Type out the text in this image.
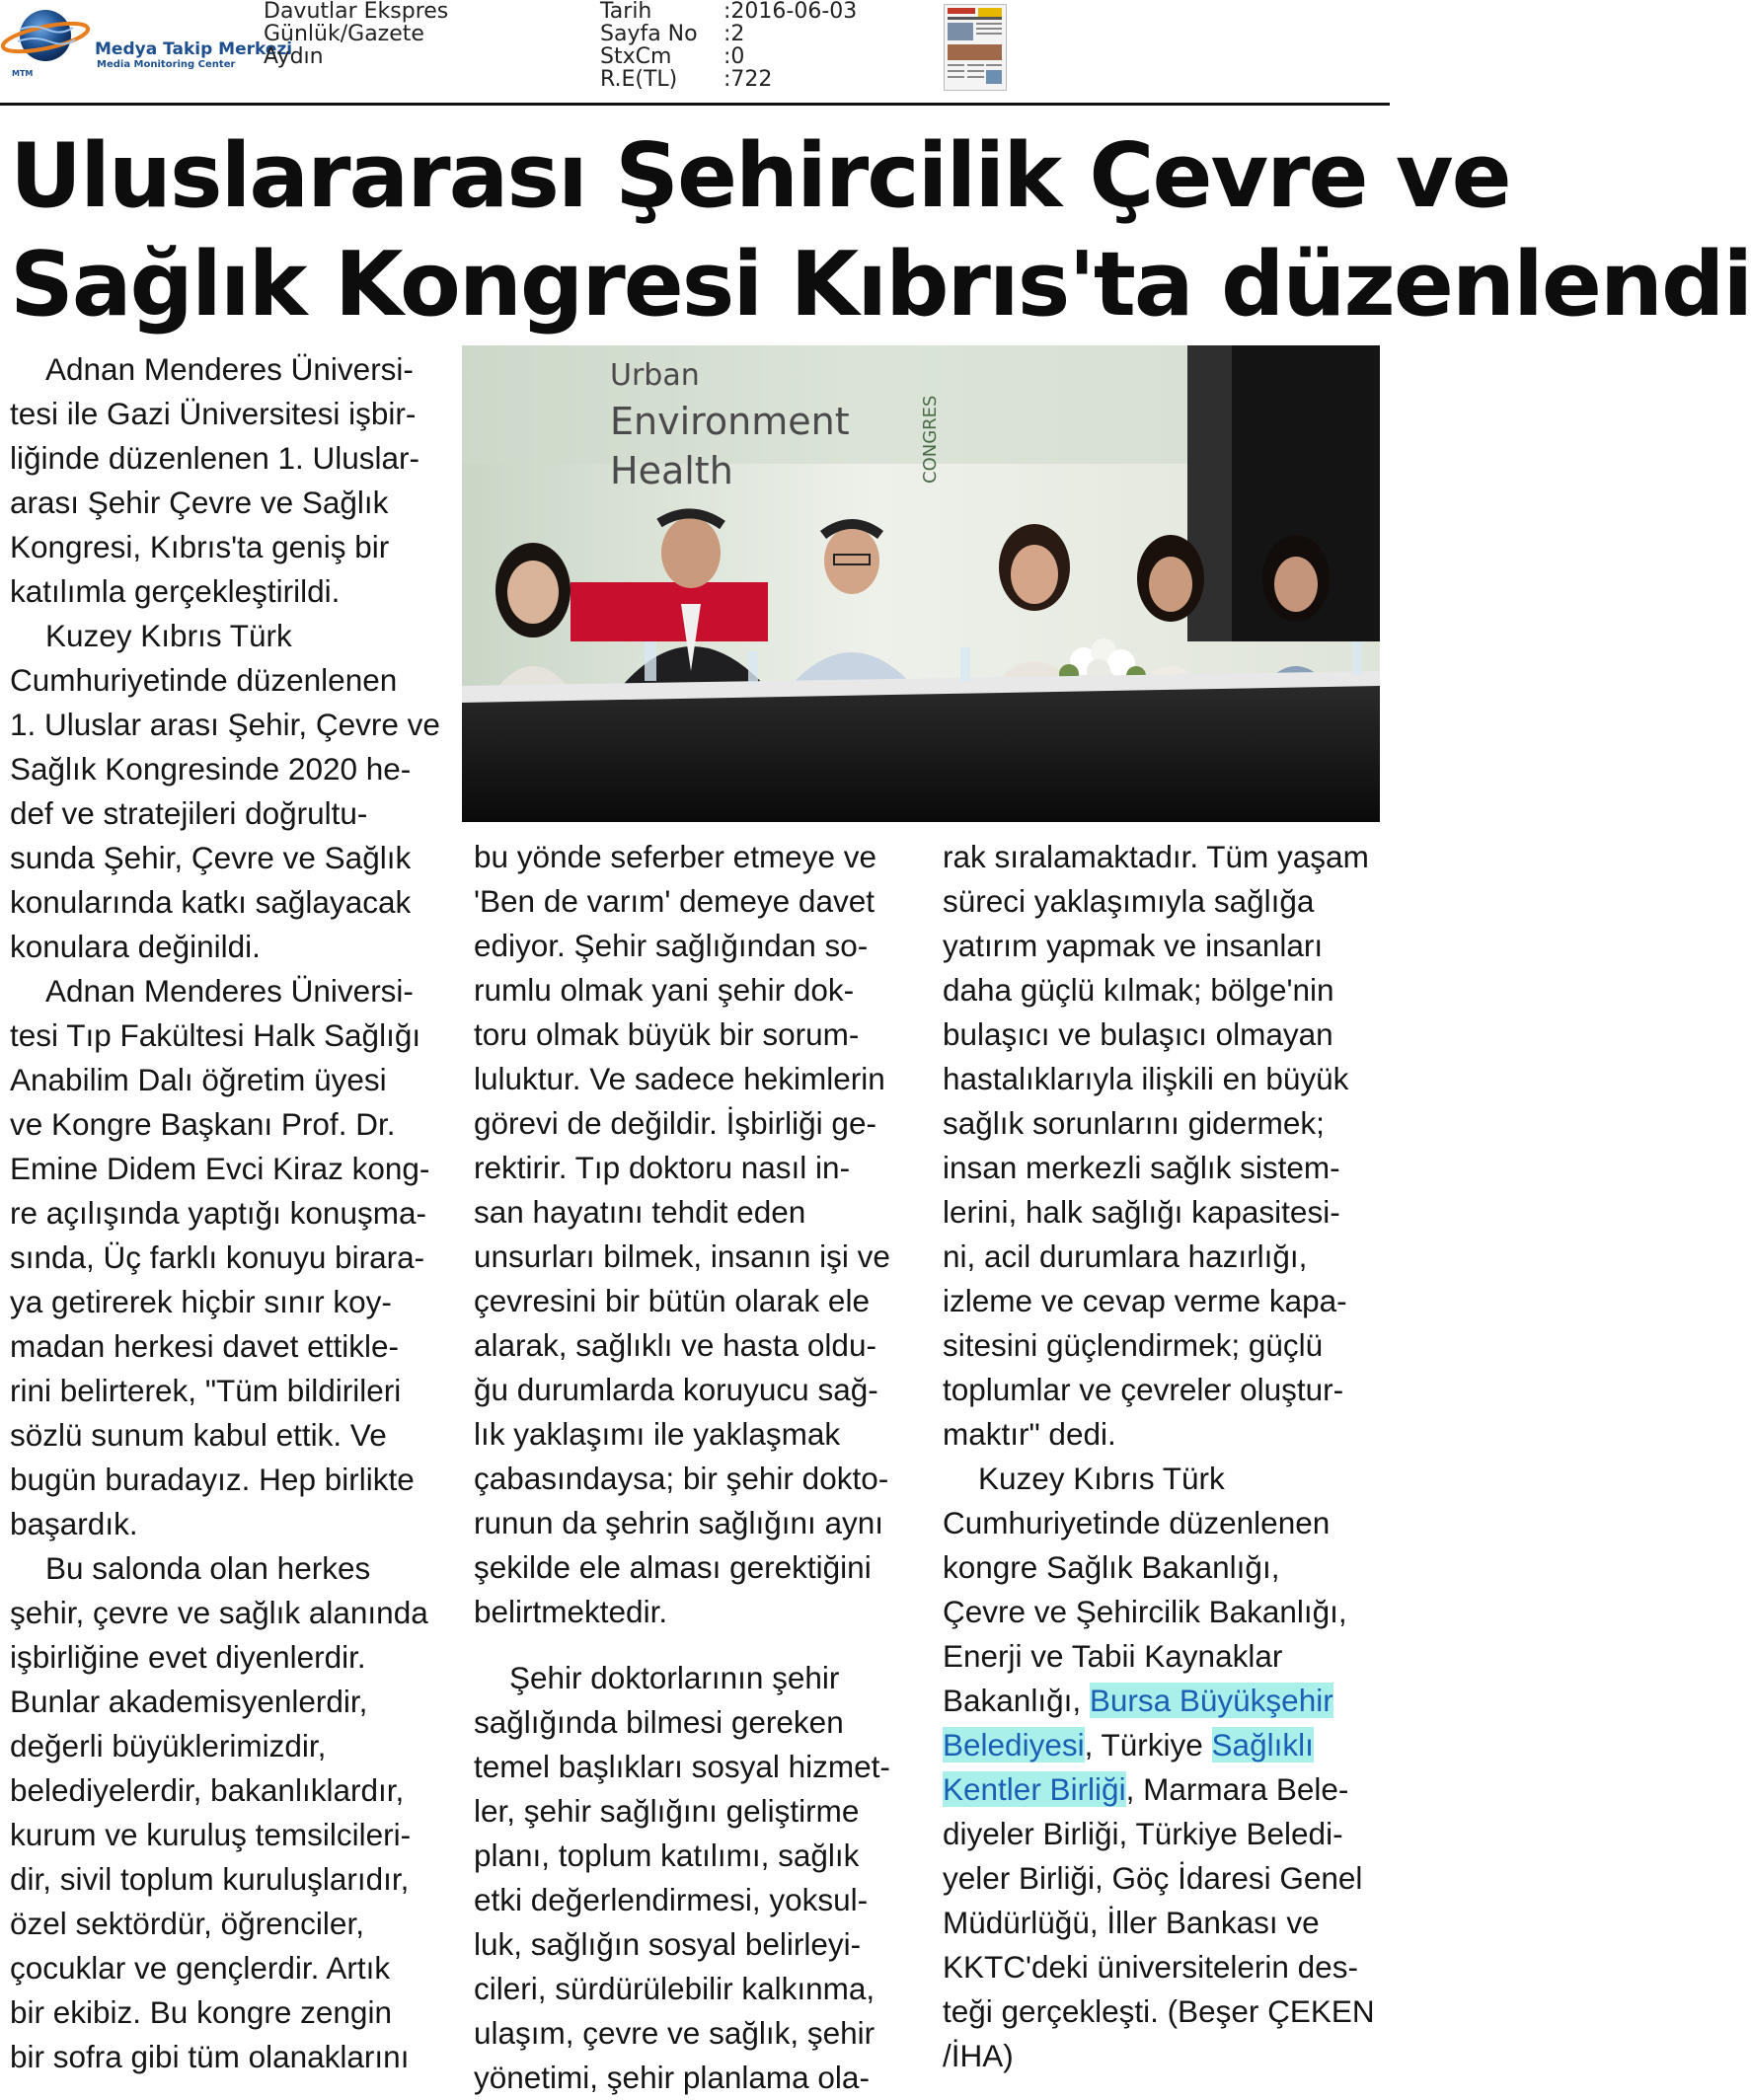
Medya Takip Merkezi
Media Monitoring Center
MTM
Davutlar Ekspres
Günlük/Gazete
Aydın
Tarih	:2016-06-03
Sayfa No	:2
StxCm	:0
R.E(TL)	:722
Uluslararası Şehircilik Çevre ve
Sağlık Kongresi Kıbrıs'ta düzenlendi
Urban
Environment
Health	CONGRES

Adnan Menderes Üniversi-
tesi ile Gazi Üniversitesi işbir-
liğinde düzenlenen 1. Uluslar-
arası Şehir Çevre ve Sağlık
Kongresi, Kıbrıs'ta geniş bir
katılımla gerçekleştirildi.

Kuzey Kıbrıs Türk
Cumhuriyetinde düzenlenen
1. Uluslar arası Şehir, Çevre ve
Sağlık Kongresinde 2020 he-
def ve stratejileri doğrultu-
sunda Şehir, Çevre ve Sağlık
konularında katkı sağlayacak
konulara değinildi.

Adnan Menderes Üniversi-
tesi Tıp Fakültesi Halk Sağlığı
Anabilim Dalı öğretim üyesi
ve Kongre Başkanı Prof. Dr.
Emine Didem Evci Kiraz kong-
re açılışında yaptığı konuşma-
sında, Üç farklı konuyu birara-
ya getirerek hiçbir sınır koy-
madan herkesi davet ettikle-
rini belirterek, "Tüm bildirileri
sözlü sunum kabul ettik. Ve
bugün buradayız. Hep birlikte
başardık.

Bu salonda olan herkes
şehir, çevre ve sağlık alanında
işbirliğine evet diyenlerdir.
Bunlar akademisyenlerdir,
değerli büyüklerimizdir,
belediyelerdir, bakanlıklardır,
kurum ve kuruluş temsilcileri-
dir, sivil toplum kuruluşlarıdır,
özel sektördür, öğrenciler,
çocuklar ve gençlerdir. Artık
bir ekibiz. Bu kongre zengin
bir sofra gibi tüm olanaklarını

bu yönde seferber etmeye ve
'Ben de varım' demeye davet
ediyor. Şehir sağlığından so-
rumlu olmak yani şehir dok-
toru olmak büyük bir sorum-
luluktur. Ve sadece hekimlerin
görevi de değildir. İşbirliği ge-
rektirir. Tıp doktoru nasıl in-
san hayatını tehdit eden
unsurları bilmek, insanın işi ve
çevresini bir bütün olarak ele
alarak, sağlıklı ve hasta oldu-
ğu durumlarda koruyucu sağ-
lık yaklaşımı ile yaklaşmak
çabasındaysa; bir şehir dokto-
runun da şehrin sağlığını aynı
şekilde ele alması gerektiğini
belirtmektedir.

Şehir doktorlarının şehir
sağlığında bilmesi gereken
temel başlıkları sosyal hizmet-
ler, şehir sağlığını geliştirme
planı, toplum katılımı, sağlık
etki değerlendirmesi, yoksul-
luk, sağlığın sosyal belirleyi-
cileri, sürdürülebilir kalkınma,
ulaşım, çevre ve sağlık, şehir
yönetimi, şehir planlama ola-

rak sıralamaktadır. Tüm yaşam
süreci yaklaşımıyla sağlığa
yatırım yapmak ve insanları
daha güçlü kılmak; bölge'nin
bulaşıcı ve bulaşıcı olmayan
hastalıklarıyla ilişkili en büyük
sağlık sorunlarını gidermek;
insan merkezli sağlık sistem-
lerini, halk sağlığı kapasitesi-
ni, acil durumlara hazırlığı,
izleme ve cevap verme kapa-
sitesini güçlendirmek; güçlü
toplumlar ve çevreler oluştur-
maktır" dedi.

Kuzey Kıbrıs Türk
Cumhuriyetinde düzenlenen
kongre Sağlık Bakanlığı,
Çevre ve Şehircilik Bakanlığı,
Enerji ve Tabii Kaynaklar
Bakanlığı, Bursa Büyükşehir
Belediyesi, Türkiye Sağlıklı
Kentler Birliği, Marmara Bele-
diyeler Birliği, Türkiye Beledi-
yeler Birliği, Göç İdaresi Genel
Müdürlüğü, İller Bankası ve
KKTC'deki üniversitelerin des-
teği gerçekleşti. (Beşer ÇEKEN
/İHA)
